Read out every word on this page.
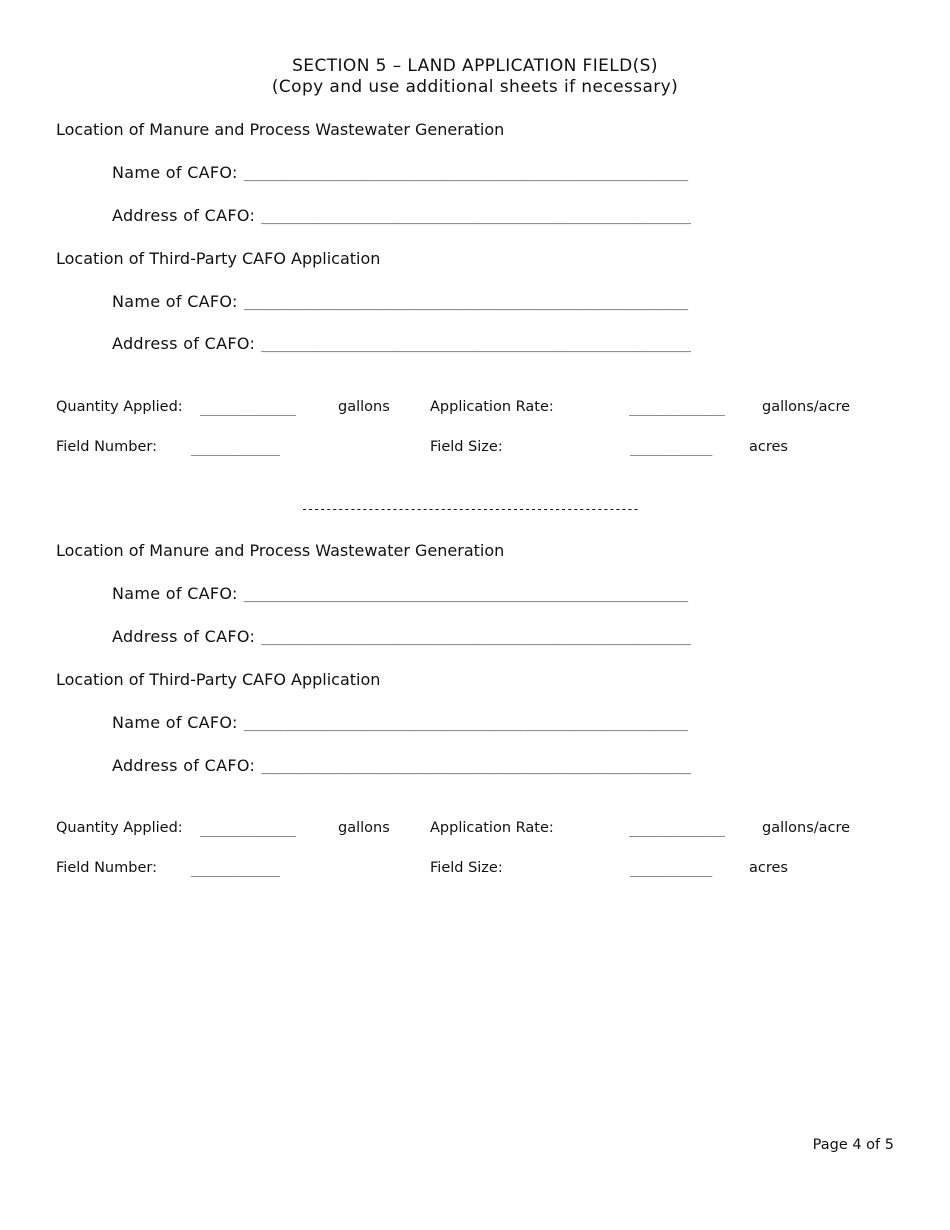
SECTION 5 – LAND APPLICATION FIELD(S)
(Copy and use additional sheets if necessary)
Location of Manure and Process Wastewater Generation
Name of CAFO: _____________________________________________________________
Address of CAFO: ___________________________________________________________
Location of Third-Party CAFO Application
Name of CAFO: _____________________________________________________________
Address of CAFO: ___________________________________________________________
Quantity Applied: ______________	gallons	Application Rate:	______________	gallons/acre
Field Number:	_____________	Field Size:	____________	acres
--------------------------------------------------------
Location of Manure and Process Wastewater Generation
Name of CAFO: _____________________________________________________________
Address of CAFO: ___________________________________________________________
Location of Third-Party CAFO Application
Name of CAFO: _____________________________________________________________
Address of CAFO: ___________________________________________________________
Quantity Applied: ______________	gallons	Application Rate:	______________	gallons/acre
Field Number:	_____________	Field Size:	____________	acres
Page 4 of 5
